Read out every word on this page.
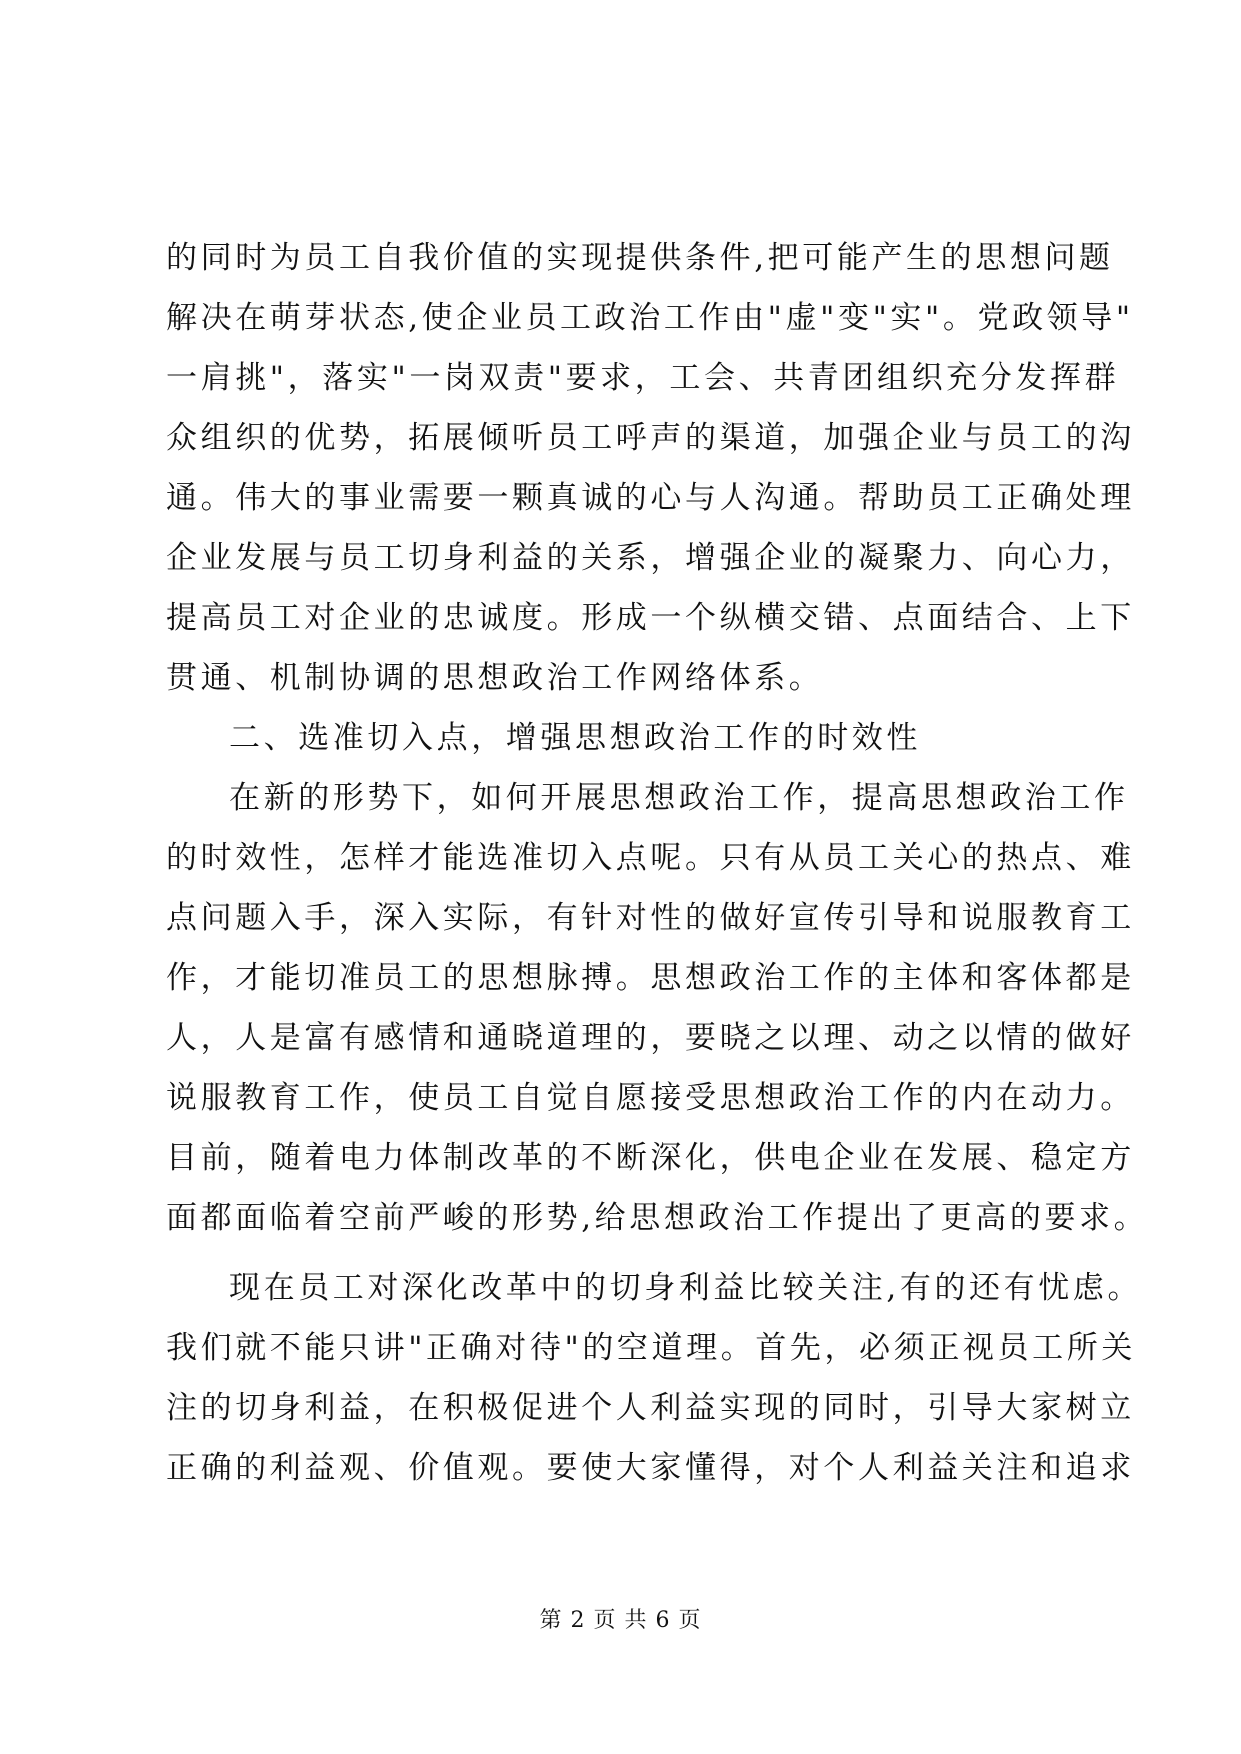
的同时为员工自我价值的实现提供条件,把可能产生的思想问题
解决在萌芽状态,使企业员工政治工作由"虚"变"实"。党政领导"
一肩挑"，落实"一岗双责"要求，工会、共青团组织充分发挥群
众组织的优势，拓展倾听员工呼声的渠道，加强企业与员工的沟
通。伟大的事业需要一颗真诚的心与人沟通。帮助员工正确处理
企业发展与员工切身利益的关系，增强企业的凝聚力、向心力，
提高员工对企业的忠诚度。形成一个纵横交错、点面结合、上下
贯通、机制协调的思想政治工作网络体系。
二、选准切入点，增强思想政治工作的时效性
在新的形势下，如何开展思想政治工作，提高思想政治工作
的时效性，怎样才能选准切入点呢。只有从员工关心的热点、难
点问题入手，深入实际，有针对性的做好宣传引导和说服教育工
作，才能切准员工的思想脉搏。思想政治工作的主体和客体都是
人，人是富有感情和通晓道理的，要晓之以理、动之以情的做好
说服教育工作，使员工自觉自愿接受思想政治工作的内在动力。
目前，随着电力体制改革的不断深化，供电企业在发展、稳定方
面都面临着空前严峻的形势,给思想政治工作提出了更高的要求。
现在员工对深化改革中的切身利益比较关注,有的还有忧虑。
我们就不能只讲"正确对待"的空道理。首先，必须正视员工所关
注的切身利益，在积极促进个人利益实现的同时，引导大家树立
正确的利益观、价值观。要使大家懂得，对个人利益关注和追求
第 2 页 共 6 页
